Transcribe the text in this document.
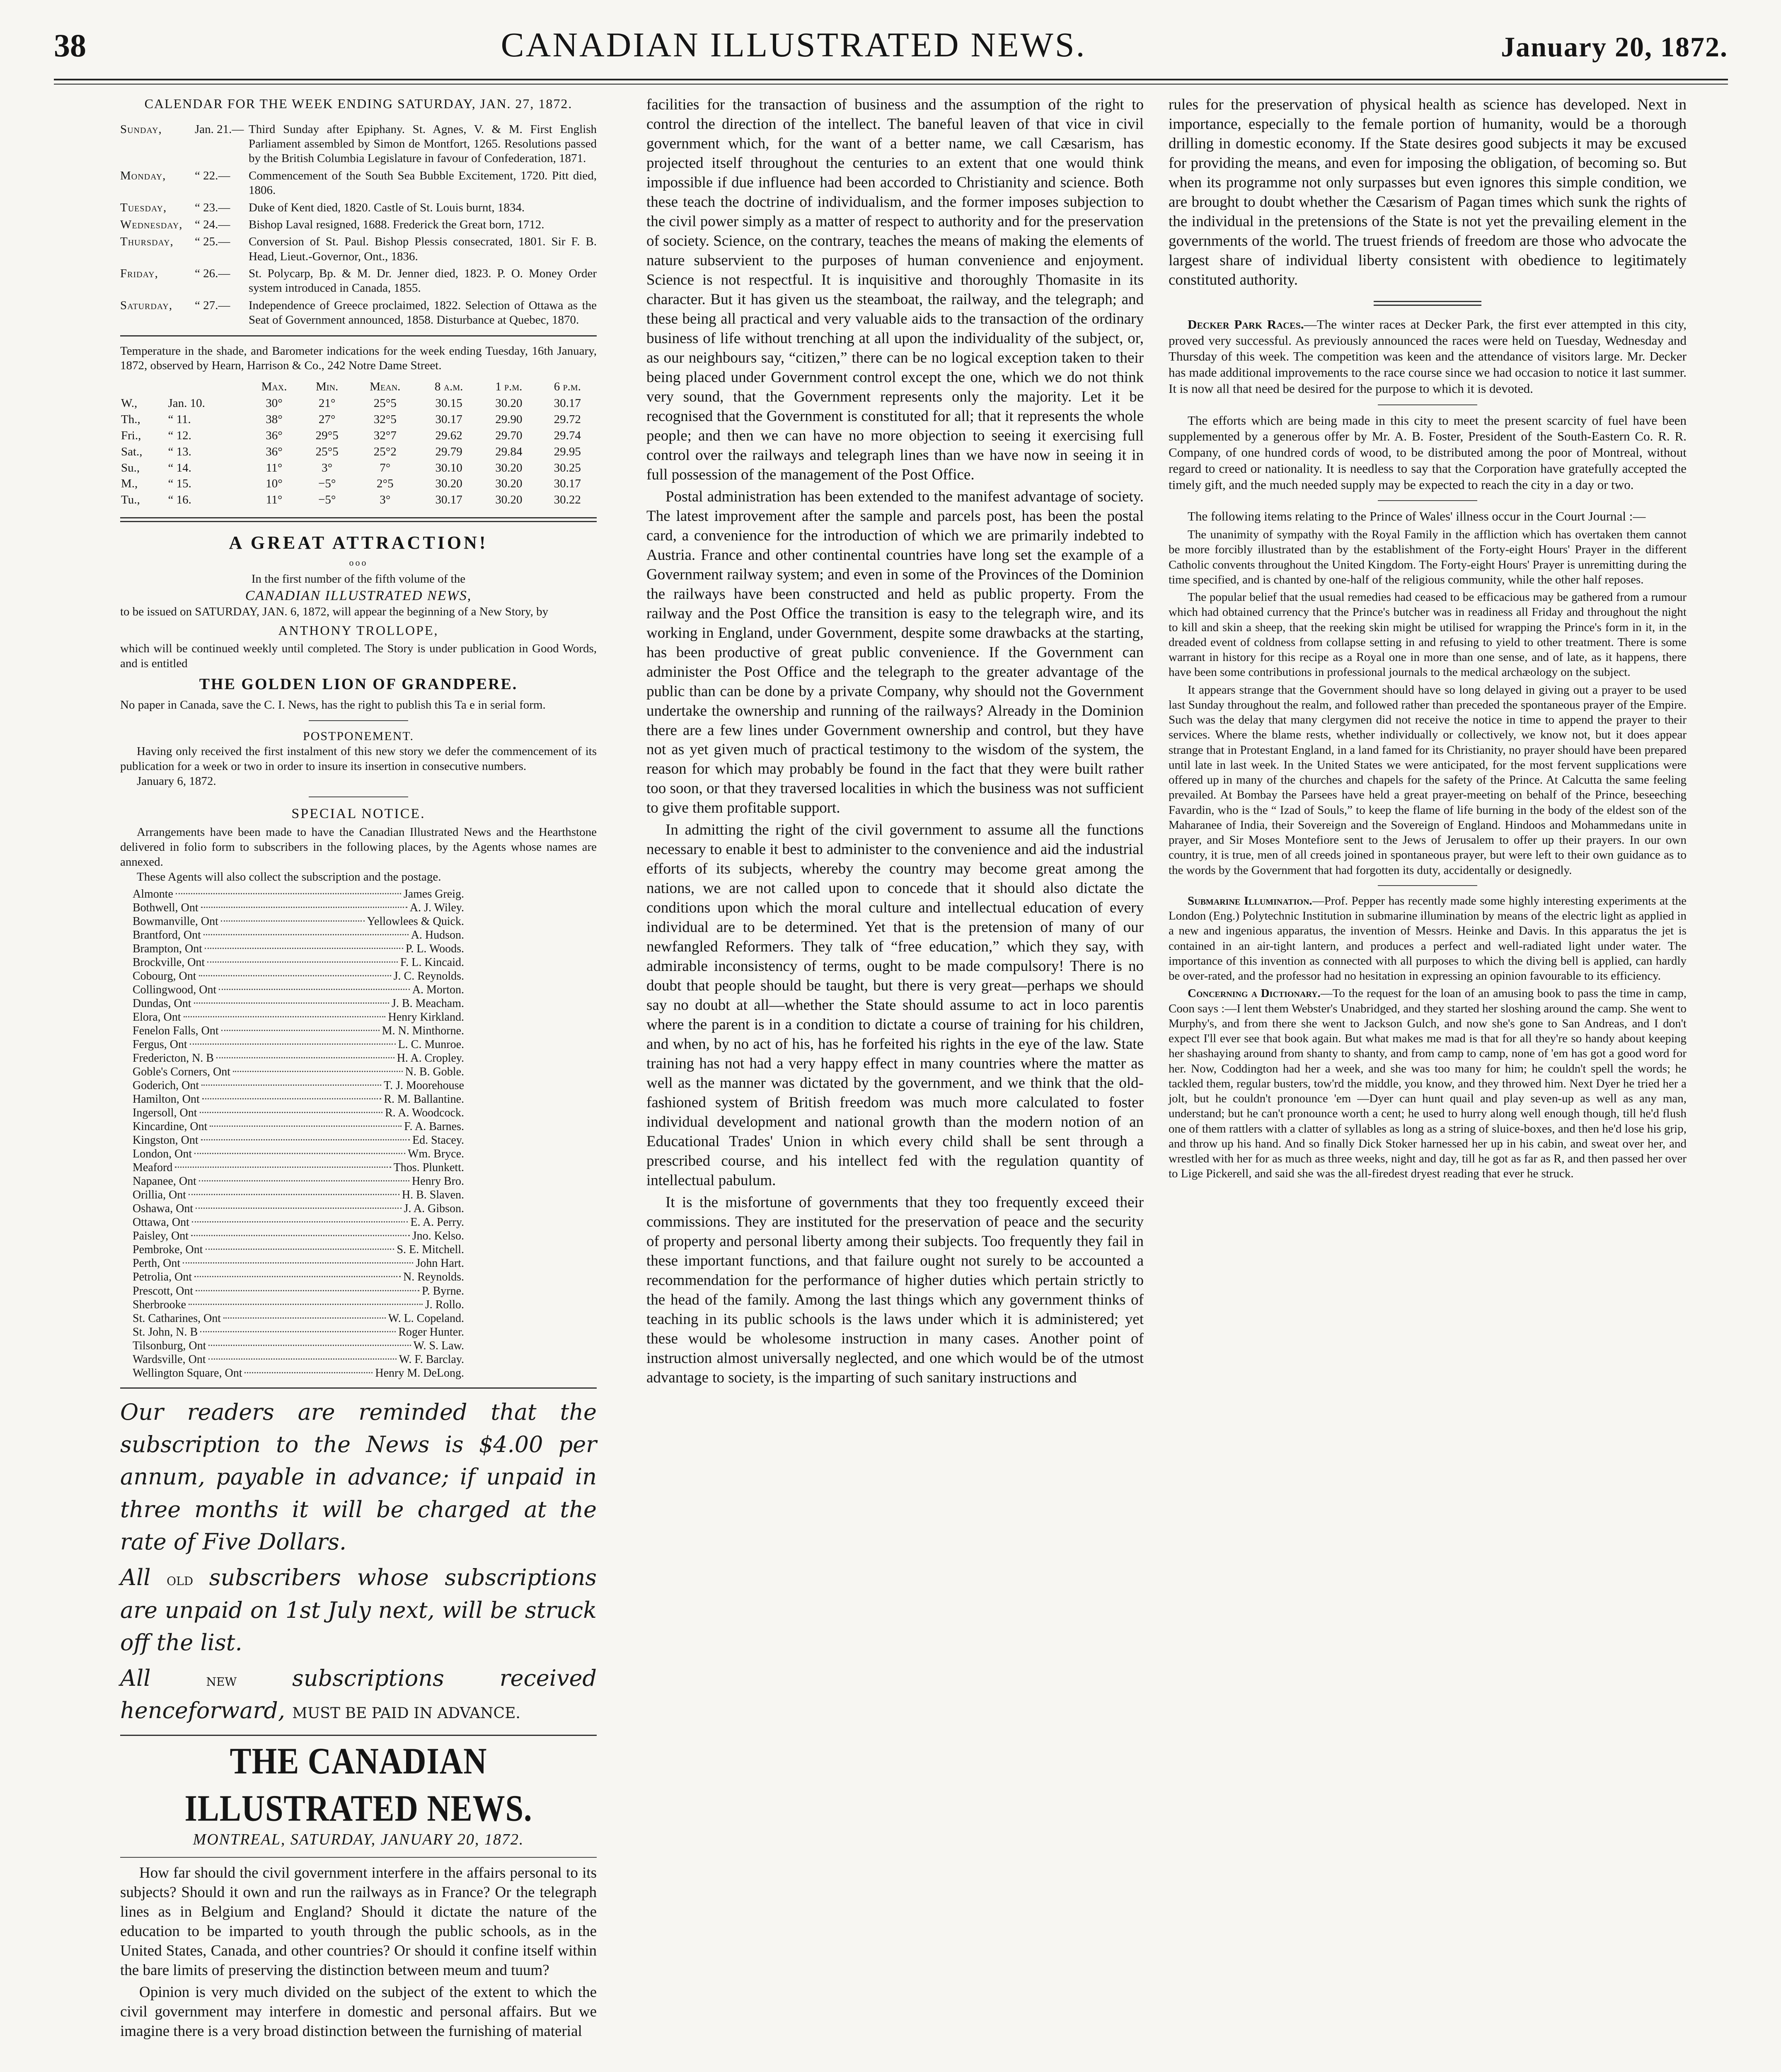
38	CANADIAN ILLUSTRATED NEWS.	January 20, 1872.
CALENDAR FOR THE WEEK ENDING SATURDAY, JAN. 27, 1872.
Sunday,	Jan. 21.— Third Sunday after Epiphany. St. Agnes, V. & M. First English Parliament assembled by Simon de Montfort, 1265. Resolutions passed by the British Columbia Legislature in favour of Confederation, 1871.
Monday,	“ 22.—	Commencement of the South Sea Bubble Excitement, 1720. Pitt died, 1806.
Tuesday,	“ 23.—	Duke of Kent died, 1820. Castle of St. Louis burnt, 1834.
Wednesday,	“ 24.—	Bishop Laval resigned, 1688. Frederick the Great born, 1712.
Thursday,	“ 25.—	Conversion of St. Paul. Bishop Plessis consecrated, 1801. Sir F. B. Head, Lieut.-Governor, Ont., 1836.
Friday,	“ 26.—	St. Polycarp, Bp. & M. Dr. Jenner died, 1823. P. O. Money Order system introduced in Canada, 1855.
Saturday,	“ 27.—	Independence of Greece proclaimed, 1822. Selection of Ottawa as the Seat of Government announced, 1858. Disturbance at Quebec, 1870.
Temperature in the shade, and Barometer indications for the week ending Tuesday, 16th January, 1872, observed by Hearn, Harrison & Co., 242 Notre Dame Street.
		Max.	Min.	Mean.	8 a.m.	1 p.m.	6 p.m.
W.,	Jan. 10.	30°	21°	25°5	30.15	30.20	30.17
Th.,	“ 11.	38°	27°	32°5	30.17	29.90	29.72
Fri.,	“ 12.	36°	29°5	32°7	29.62	29.70	29.74
Sat.,	“ 13.	36°	25°5	25°2	29.79	29.84	29.95
Su.,	“ 14.	11°	3°	7°	30.10	30.20	30.25
M.,	“ 15.	10°	−5°	2°5	30.20	30.20	30.17
Tu.,	“ 16.	11°	−5°	3°	30.17	30.20	30.22
A GREAT ATTRACTION!
ooo
In the first number of the fifth volume of the
CANADIAN ILLUSTRATED NEWS,
to be issued on SATURDAY, JAN. 6, 1872, will appear the beginning of a New Story, by
ANTHONY TROLLOPE,
which will be continued weekly until completed. The Story is under publication in Good Words, and is entitled
THE GOLDEN LION OF GRANDPERE.
No paper in Canada, save the C. I. News, has the right to publish this Ta e in serial form.
POSTPONEMENT.
Having only received the first instalment of this new story we defer the commencement of its publication for a week or two in order to insure its insertion in consecutive numbers.
January 6, 1872.
SPECIAL NOTICE.
Arrangements have been made to have the Canadian Illustrated News and the Hearthstone delivered in folio form to subscribers in the following places, by the Agents whose names are annexed.
These Agents will also collect the subscription and the postage.
Almonte	James Greig.
Bothwell, Ont	A. J. Wiley.
Bowmanville, Ont	Yellowlees & Quick.
Brantford, Ont	A. Hudson.
Brampton, Ont	P. L. Woods.
Brockville, Ont	F. L. Kincaid.
Cobourg, Ont	J. C. Reynolds.
Collingwood, Ont	A. Morton.
Dundas, Ont	J. B. Meacham.
Elora, Ont	Henry Kirkland.
Fenelon Falls, Ont	M. N. Minthorne.
Fergus, Ont	L. C. Munroe.
Fredericton, N. B	H. A. Cropley.
Goble's Corners, Ont	N. B. Goble.
Goderich, Ont	T. J. Moorehouse
Hamilton, Ont	R. M. Ballantine.
Ingersoll, Ont	R. A. Woodcock.
Kincardine, Ont	F. A. Barnes.
Kingston, Ont	Ed. Stacey.
London, Ont	Wm. Bryce.
Meaford	Thos. Plunkett.
Napanee, Ont	Henry Bro.
Orillia, Ont	H. B. Slaven.
Oshawa, Ont	J. A. Gibson.
Ottawa, Ont	E. A. Perry.
Paisley, Ont	Jno. Kelso.
Pembroke, Ont	S. E. Mitchell.
Perth, Ont	John Hart.
Petrolia, Ont	N. Reynolds.
Prescott, Ont	P. Byrne.
Sherbrooke	J. Rollo.
St. Catharines, Ont	W. L. Copeland.
St. John, N. B	Roger Hunter.
Tilsonburg, Ont	W. S. Law.
Wardsville, Ont	W. F. Barclay.
Wellington Square, Ont	Henry M. DeLong.
Our readers are reminded that the subscription to the News is $4.00 per annum, payable in advance; if unpaid in three months it will be charged at the rate of Five Dollars.
All old subscribers whose subscriptions are unpaid on 1st July next, will be struck off the list.
All	new subscriptions received henceforward, MUST BE PAID IN ADVANCE.
THE CANADIAN ILLUSTRATED NEWS.
MONTREAL, SATURDAY, JANUARY 20, 1872.

How far should the civil government interfere in the affairs personal to its subjects? Should it own and run the railways as in France? Or the telegraph lines as in Belgium and England? Should it dictate the nature of the education to be imparted to youth through the public schools, as in the United States, Canada, and other countries? Or should it confine itself within the bare limits of preserving the distinction between meum and tuum?

Opinion is very much divided on the subject of the extent to which the civil government may interfere in domestic and personal affairs. But we imagine there is a very broad distinction between the furnishing of material

facilities for the transaction of business and the assumption of the right to control the direction of the intellect. The baneful leaven of that vice in civil government which, for the want of a better name, we call Cæsarism, has projected itself throughout the centuries to an extent that one would think impossible if due influence had been accorded to Christianity and science. Both these teach the doctrine of individualism, and the former imposes subjection to the civil power simply as a matter of respect to authority and for the preservation of society. Science, on the contrary, teaches the means of making the elements of nature subservient to the purposes of human convenience and enjoyment. Science is not respectful. It is inquisitive and thoroughly Thomasite in its character. But it has given us the steamboat, the railway, and the telegraph; and these being all practical and very valuable aids to the transaction of the ordinary business of life without trenching at all upon the individuality of the subject, or, as our neighbours say, “citizen,” there can be no logical exception taken to their being placed under Government control except the one, which we do not think very sound, that the Government represents only the majority. Let it be recognised that the Government is constituted for all; that it represents the whole people; and then we can have no more objection to seeing it exercising full control over the railways and telegraph lines than we have now in seeing it in full possession of the management of the Post Office.

Postal administration has been extended to the manifest advantage of society. The latest improvement after the sample and parcels post, has been the postal card, a convenience for the introduction of which we are primarily indebted to Austria. France and other continental countries have long set the example of a Government railway system; and even in some of the Provinces of the Dominion the railways have been constructed and held as public property. From the railway and the Post Office the transition is easy to the telegraph wire, and its working in England, under Government, despite some drawbacks at the starting, has been productive of great public convenience. If the Government can administer the Post Office and the telegraph to the greater advantage of the public than can be done by a private Company, why should not the Government undertake the ownership and running of the railways? Already in the Dominion there are a few lines under Government ownership and control, but they have not as yet given much of practical testimony to the wisdom of the system, the reason for which may probably be found in the fact that they were built rather too soon, or that they traversed localities in which the business was not sufficient to give them profitable support.

In admitting the right of the civil government to assume all the functions necessary to enable it best to administer to the convenience and aid the industrial efforts of its subjects, whereby the country may become great among the nations, we are not called upon to concede that it should also dictate the conditions upon which the moral culture and intellectual education of every individual are to be determined. Yet that is the pretension of many of our newfangled Reformers. They talk of “free education,” which they say, with admirable inconsistency of terms, ought to be made compulsory! There is no doubt that people should be taught, but there is very great—perhaps we should say no doubt at all—whether the State should assume to act in loco parentis where the parent is in a condition to dictate a course of training for his children, and when, by no act of his, has he forfeited his rights in the eye of the law. State training has not had a very happy effect in many countries where the matter as well as the manner was dictated by the government, and we think that the old-fashioned system of British freedom was much more calculated to foster individual development and national growth than the modern notion of an Educational Trades' Union in which every child shall be sent through a prescribed course, and his intellect fed with the regulation quantity of intellectual pabulum.

It is the misfortune of governments that they too frequently exceed their commissions. They are instituted for the preservation of peace and the security of property and personal liberty among their subjects. Too frequently they fail in these important functions, and that failure ought not surely to be accounted a recommendation for the performance of higher duties which pertain strictly to the head of the family. Among the last things which any government thinks of teaching in its public schools is the laws under which it is administered; yet these would be wholesome instruction in many cases. Another point of instruction almost universally neglected, and one which would be of the utmost advantage to society, is the imparting of such sanitary instructions and

rules for the preservation of physical health as science has developed. Next in importance, especially to the female portion of humanity, would be a thorough drilling in domestic economy. If the State desires good subjects it may be excused for providing the means, and even for imposing the obligation, of becoming so. But when its programme not only surpasses but even ignores this simple condition, we are brought to doubt whether the Cæsarism of Pagan times which sunk the rights of the individual in the pretensions of the State is not yet the prevailing element in the governments of the world. The truest friends of freedom are those who advocate the largest share of individual liberty consistent with obedience to legitimately constituted authority.

Decker Park Races.—The winter races at Decker Park, the first ever attempted in this city, proved very successful. As previously announced the races were held on Tuesday, Wednesday and Thursday of this week. The competition was keen and the attendance of visitors large. Mr. Decker has made additional improvements to the race course since we had occasion to notice it last summer. It is now all that need be desired for the purpose to which it is devoted.

The efforts which are being made in this city to meet the present scarcity of fuel have been supplemented by a generous offer by Mr. A. B. Foster, President of the South-Eastern Co. R. R. Company, of one hundred cords of wood, to be distributed among the poor of Montreal, without regard to creed or nationality. It is needless to say that the Corporation have gratefully accepted the timely gift, and the much needed supply may be expected to reach the city in a day or two.

The following items relating to the Prince of Wales' illness occur in the Court Journal :—

The unanimity of sympathy with the Royal Family in the affliction which has overtaken them cannot be more forcibly illustrated than by the establishment of the Forty-eight Hours' Prayer in the different Catholic convents throughout the United Kingdom. The Forty-eight Hours' Prayer is unremitting during the time specified, and is chanted by one-half of the religious community, while the other half reposes.

The popular belief that the usual remedies had ceased to be efficacious may be gathered from a rumour which had obtained currency that the Prince's butcher was in readiness all Friday and throughout the night to kill and skin a sheep, that the reeking skin might be utilised for wrapping the Prince's form in it, in the dreaded event of coldness from collapse setting in and refusing to yield to other treatment. There is some warrant in history for this recipe as a Royal one in more than one sense, and of late, as it happens, there have been some contributions in professional journals to the medical archæology on the subject.

It appears strange that the Government should have so long delayed in giving out a prayer to be used last Sunday throughout the realm, and followed rather than preceded the spontaneous prayer of the Empire. Such was the delay that many clergymen did not receive the notice in time to append the prayer to their services. Where the blame rests, whether individually or collectively, we know not, but it does appear strange that in Protestant England, in a land famed for its Christianity, no prayer should have been prepared until late in last week. In the United States we were anticipated, for the most fervent supplications were offered up in many of the churches and chapels for the safety of the Prince. At Calcutta the same feeling prevailed. At Bombay the Parsees have held a great prayer-meeting on behalf of the Prince, beseeching Favardin, who is the “ Izad of Souls,” to keep the flame of life burning in the body of the eldest son of the Maharanee of India, their Sovereign and the Sovereign of England. Hindoos and Mohammedans unite in prayer, and Sir Moses Montefiore sent to the Jews of Jerusalem to offer up their prayers. In our own country, it is true, men of all creeds joined in spontaneous prayer, but were left to their own guidance as to the words by the Government that had forgotten its duty, accidentally or designedly.

Submarine Illumination.—Prof. Pepper has recently made some highly interesting experiments at the London (Eng.) Polytechnic Institution in submarine illumination by means of the electric light as applied in a new and ingenious apparatus, the invention of Messrs. Heinke and Davis. In this apparatus the jet is contained in an air-tight lantern, and produces a perfect and well-radiated light under water. The importance of this invention as connected with all purposes to which the diving bell is applied, can hardly be over-rated, and the professor had no hesitation in expressing an opinion favourable to its efficiency.

Concerning a Dictionary.—To the request for the loan of an amusing book to pass the time in camp, Coon says :—I lent them Webster's Unabridged, and they started her sloshing around the camp. She went to Murphy's, and from there she went to Jackson Gulch, and now she's gone to San Andreas, and I don't expect I'll ever see that book again. But what makes me mad is that for all they're so handy about keeping her shashaying around from shanty to shanty, and from camp to camp, none of 'em has got a good word for her. Now, Coddington had her a week, and she was too many for him; he couldn't spell the words; he tackled them, regular busters, tow'rd the middle, you know, and they throwed him. Next Dyer he tried her a jolt, but he couldn't pronounce 'em —Dyer can hunt quail and play seven-up as well as any man, understand; but he can't pronounce worth a cent; he used to hurry along well enough though, till he'd flush one of them rattlers with a clatter of syllables as long as a string of sluice-boxes, and then he'd lose his grip, and throw up his hand. And so finally Dick Stoker harnessed her up in his cabin, and sweat over her, and wrestled with her for as much as three weeks, night and day, till he got as far as R, and then passed her over to Lige Pickerell, and said she was the all-firedest dryest reading that ever he struck.
